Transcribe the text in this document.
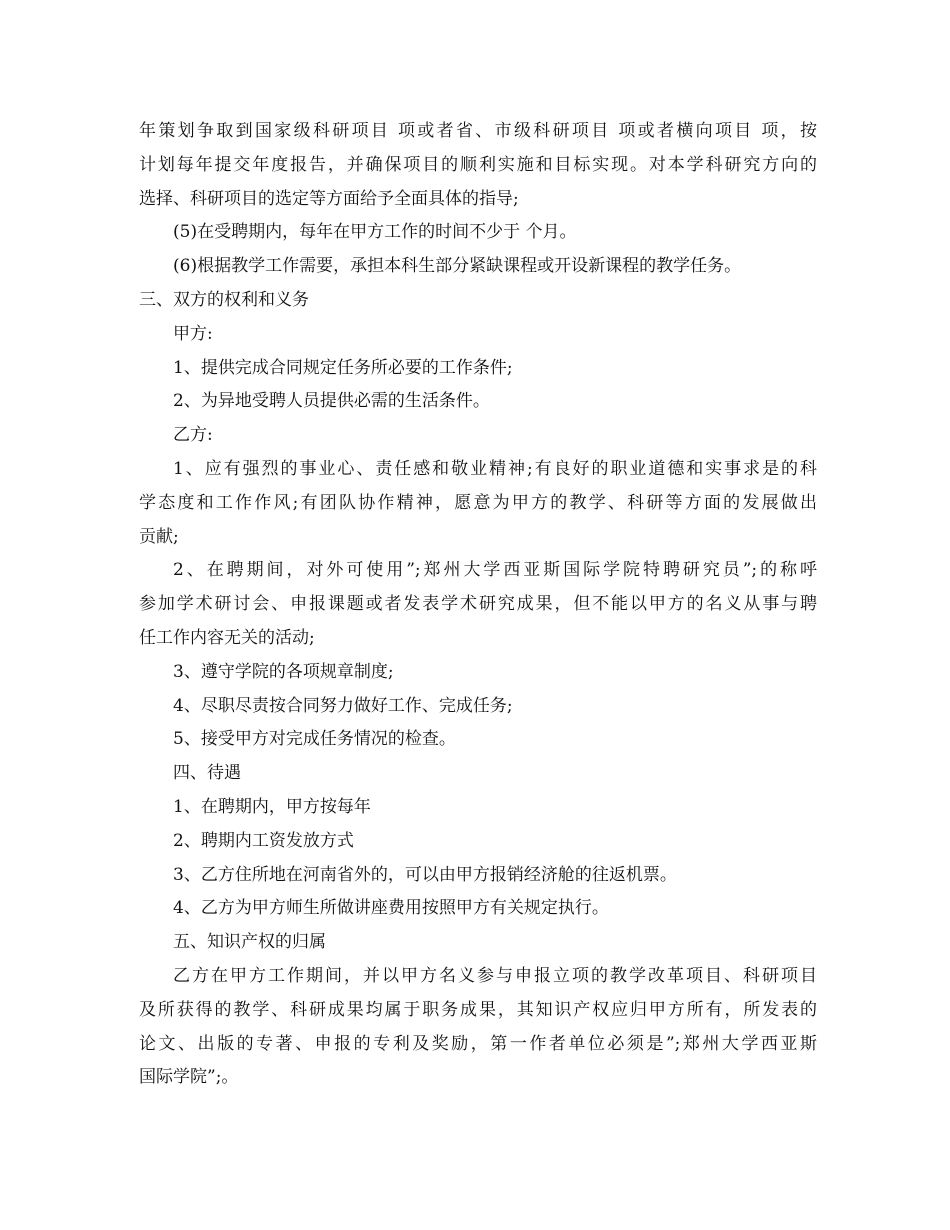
年策划争取到国家级科研项目 项或者省、市级科研项目 项或者横向项目 项，按
计划每年提交年度报告，并确保项目的顺利实施和目标实现。对本学科研究方向的
选择、科研项目的选定等方面给予全面具体的指导;
(5)在受聘期内，每年在甲方工作的时间不少于 个月。
(6)根据教学工作需要，承担本科生部分紧缺课程或开设新课程的教学任务。
三、双方的权利和义务
甲方:
1、提供完成合同规定任务所必要的工作条件;
2、为异地受聘人员提供必需的生活条件。
乙方:
1、应有强烈的事业心、责任感和敬业精神;有良好的职业道德和实事求是的科
学态度和工作作风;有团队协作精神，愿意为甲方的教学、科研等方面的发展做出
贡献;
2、在聘期间，对外可使用”;郑州大学西亚斯国际学院特聘研究员”;的称呼
参加学术研讨会、申报课题或者发表学术研究成果，但不能以甲方的名义从事与聘
任工作内容无关的活动;
3、遵守学院的各项规章制度;
4、尽职尽责按合同努力做好工作、完成任务;
5、接受甲方对完成任务情况的检查。
四、待遇
1、在聘期内，甲方按每年
2、聘期内工资发放方式
3、乙方住所地在河南省外的，可以由甲方报销经济舱的往返机票。
4、乙方为甲方师生所做讲座费用按照甲方有关规定执行。
五、知识产权的归属
乙方在甲方工作期间，并以甲方名义参与申报立项的教学改革项目、科研项目
及所获得的教学、科研成果均属于职务成果，其知识产权应归甲方所有，所发表的
论文、出版的专著、申报的专利及奖励，第一作者单位必须是”;郑州大学西亚斯
国际学院”;。
